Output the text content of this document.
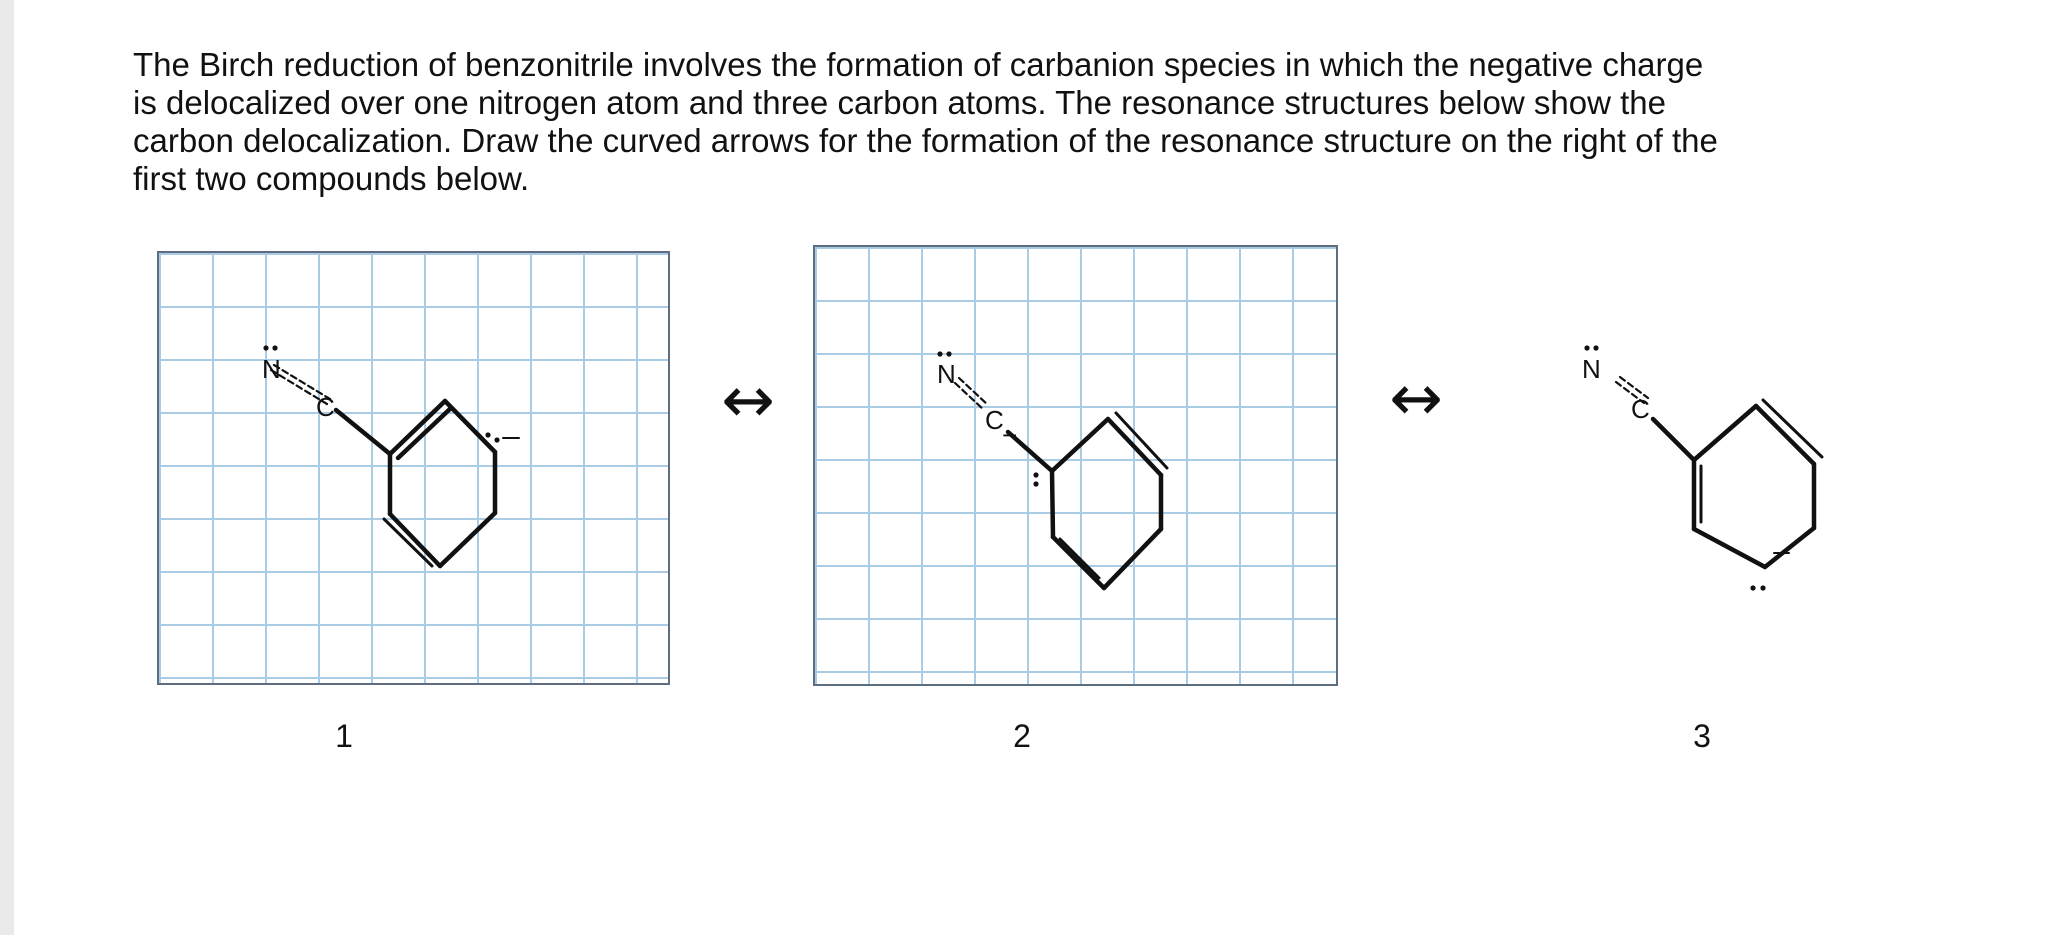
The Birch reduction of benzonitrile involves the formation of carbanion species in which the negative charge
is delocalized over one nitrogen atom and three carbon atoms. The resonance structures below show the
carbon delocalization. Draw the curved arrows for the formation of the resonance structure on the right of the
first two compounds below.
N
C
N
C
−
N
C
↔	↔
1	2	3
